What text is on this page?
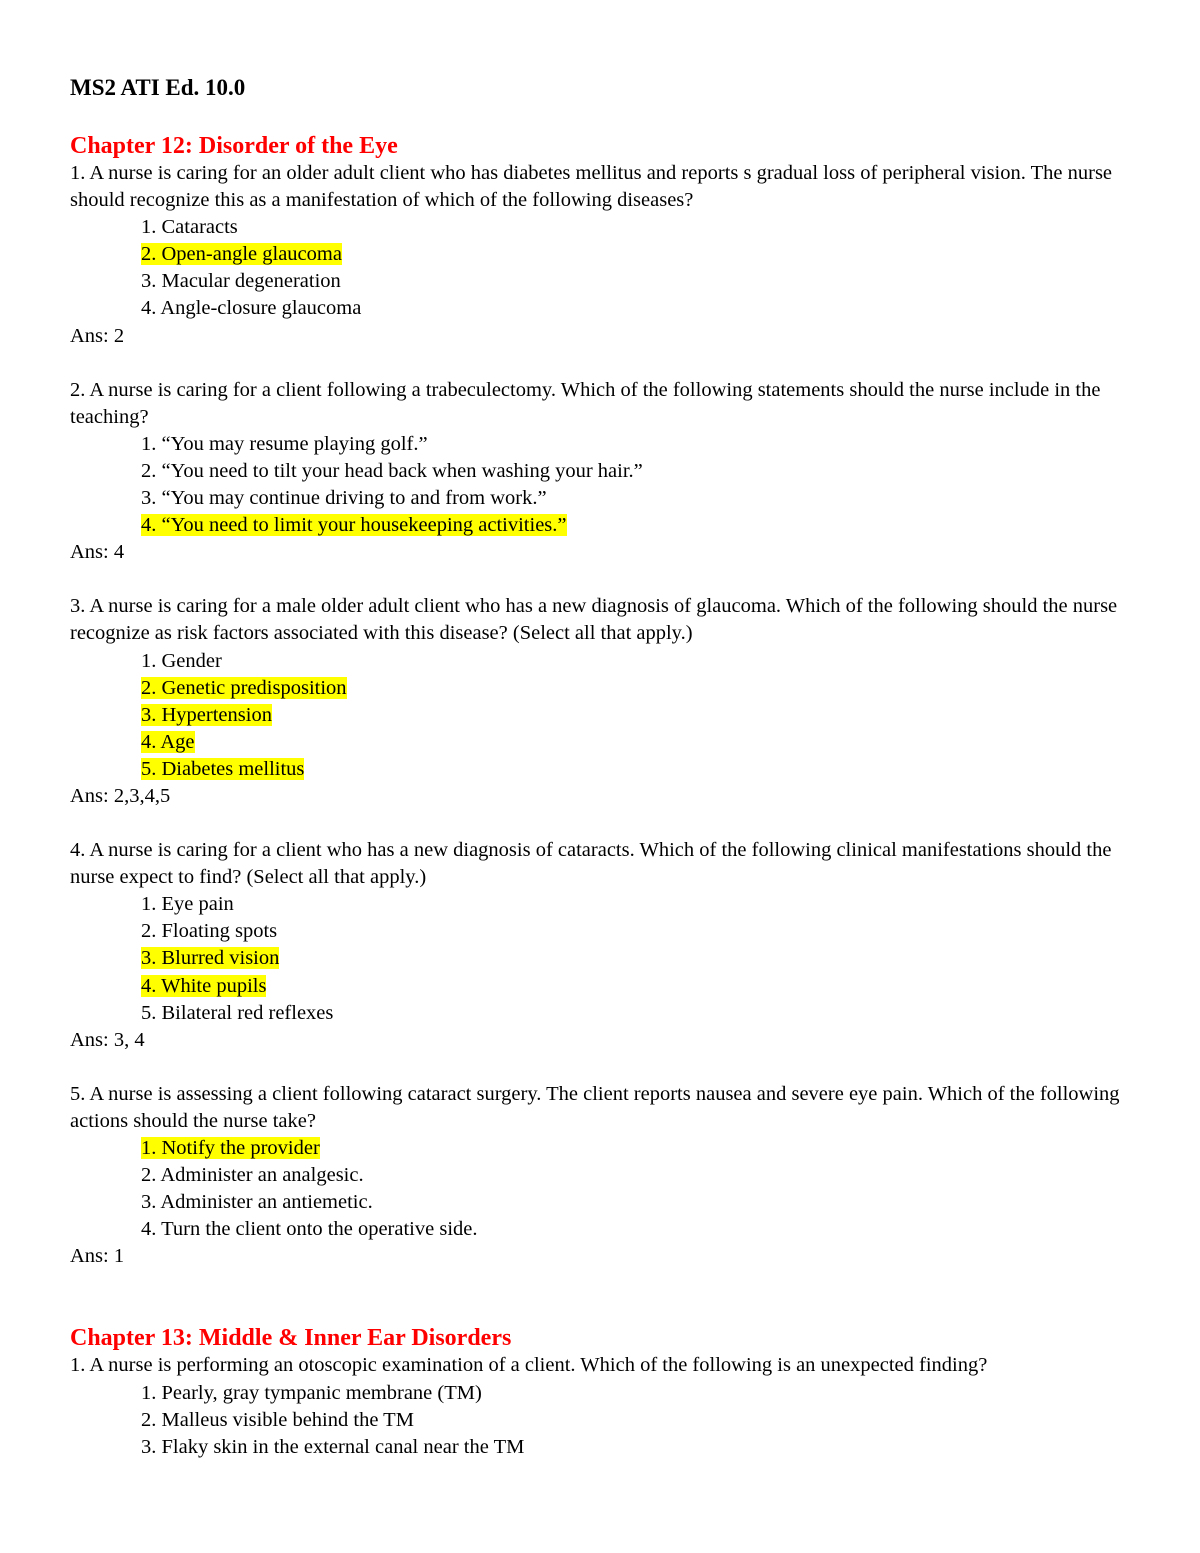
MS2 ATI Ed. 10.0
Chapter 12: Disorder of the Eye

1. A nurse is caring for an older adult client who has diabetes mellitus and reports s gradual loss of peripheral vision. The nurse should recognize this as a manifestation of which of the following diseases?

1. Cataracts
2. Open-angle glaucoma
3. Macular degeneration
4. Angle-closure glaucoma

Ans: 2

2. A nurse is caring for a client following a trabeculectomy. Which of the following statements should the nurse include in the teaching?

1. “You may resume playing golf.”
2. “You need to tilt your head back when washing your hair.”
3. “You may continue driving to and from work.”
4. “You need to limit your housekeeping activities.”

Ans: 4

3. A nurse is caring for a male older adult client who has a new diagnosis of glaucoma. Which of the following should the nurse recognize as risk factors associated with this disease? (Select all that apply.)

1. Gender
2. Genetic predisposition
3. Hypertension
4. Age
5. Diabetes mellitus

Ans: 2,3,4,5

4. A nurse is caring for a client who has a new diagnosis of cataracts. Which of the following clinical manifestations should the nurse expect to find? (Select all that apply.)

1. Eye pain
2. Floating spots
3. Blurred vision
4. White pupils
5. Bilateral red reflexes

Ans: 3, 4

5. A nurse is assessing a client following cataract surgery. The client reports nausea and severe eye pain. Which of the following actions should the nurse take?

1. Notify the provider
2. Administer an analgesic.
3. Administer an antiemetic.
4. Turn the client onto the operative side.

Ans: 1

Chapter 13: Middle & Inner Ear Disorders

1. A nurse is performing an otoscopic examination of a client. Which of the following is an unexpected finding?

1. Pearly, gray tympanic membrane (TM)
2. Malleus visible behind the TM
3. Flaky skin in the external canal near the TM
